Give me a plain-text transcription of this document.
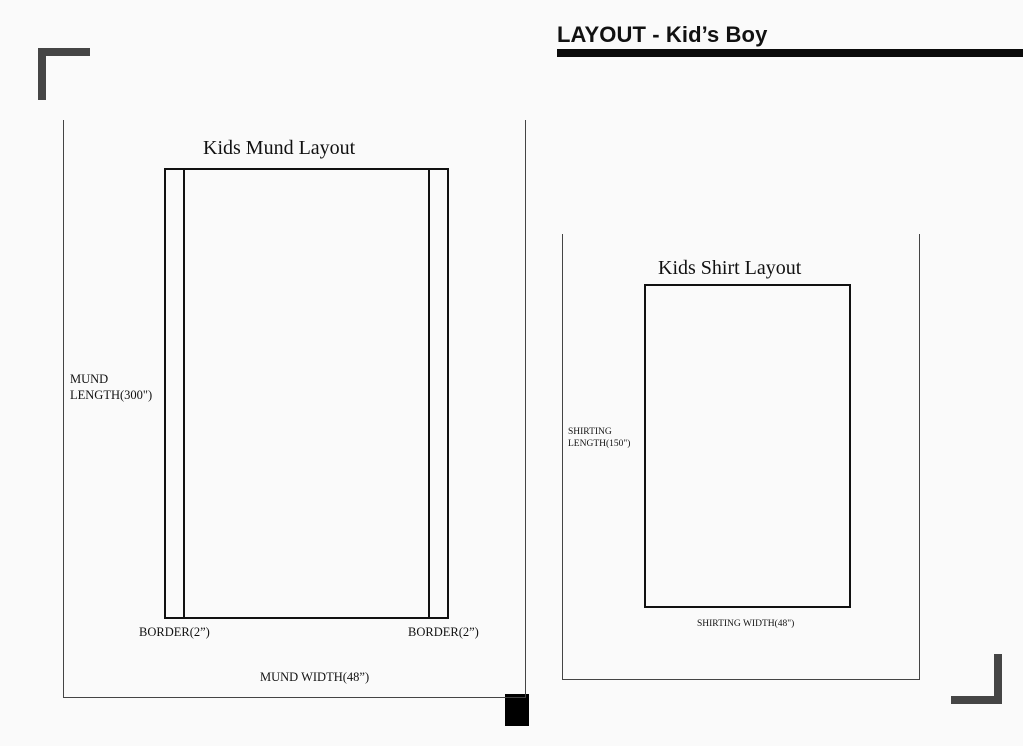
LAYOUT - Kid’s Boy
Kids Mund Layout
MUND
LENGTH(300")
BORDER(2”)	BORDER(2”)
MUND WIDTH(48”)
Kids Shirt Layout
SHIRTING
LENGTH(150")
SHIRTING WIDTH(48")
